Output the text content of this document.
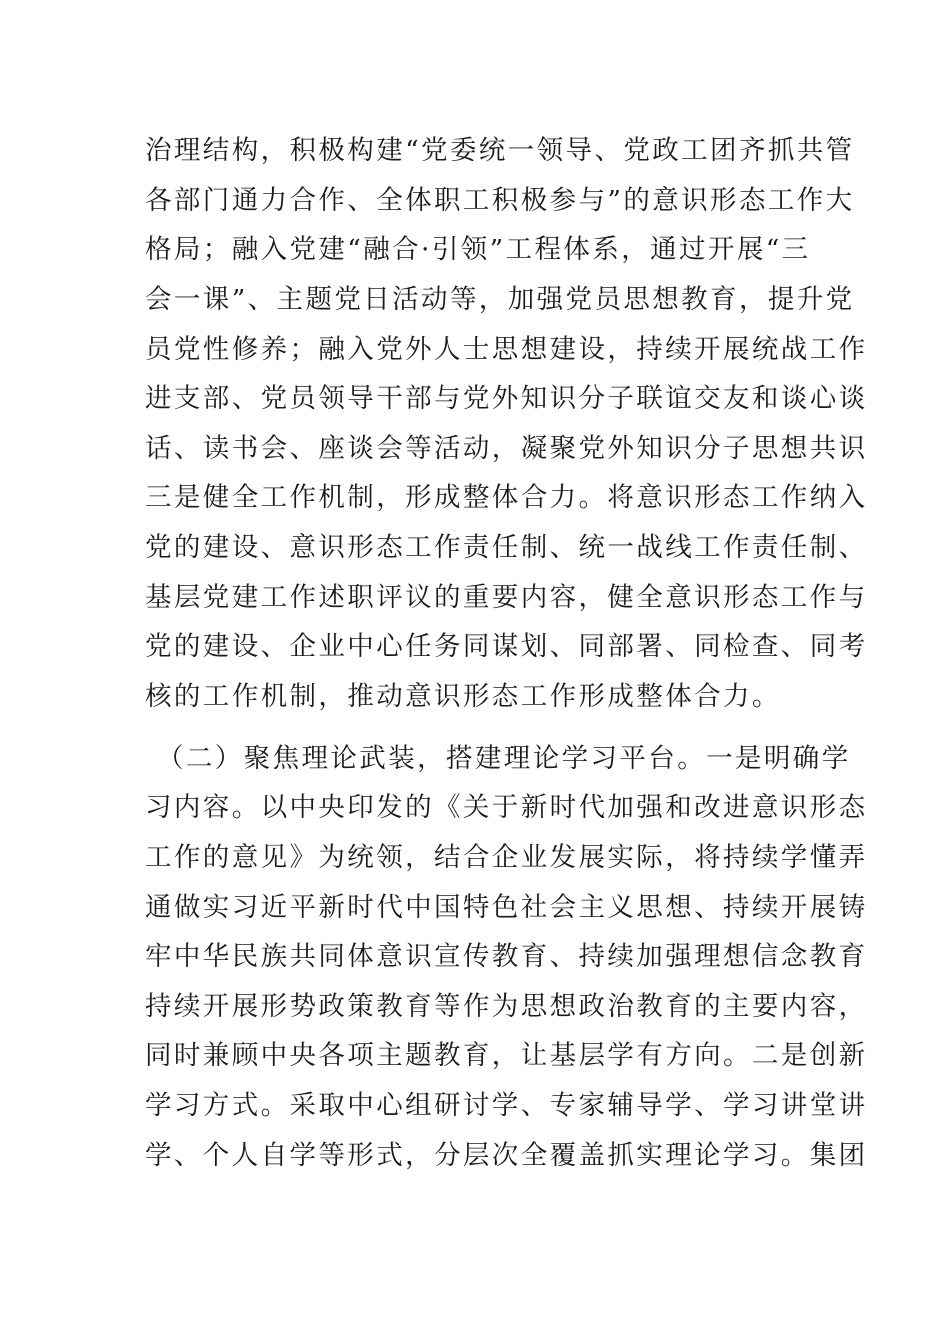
治理结构，积极构建“党委统一领导、党政工团齐抓共管
各部门通力合作、全体职工积极参与”的意识形态工作大
格局；融入党建“融合·引领”工程体系，通过开展“三
会一课”、主题党日活动等，加强党员思想教育，提升党
员党性修养；融入党外人士思想建设，持续开展统战工作
进支部、党员领导干部与党外知识分子联谊交友和谈心谈
话、读书会、座谈会等活动，凝聚党外知识分子思想共识
三是健全工作机制，形成整体合力。将意识形态工作纳入
党的建设、意识形态工作责任制、统一战线工作责任制、
基层党建工作述职评议的重要内容，健全意识形态工作与
党的建设、企业中心任务同谋划、同部署、同检查、同考
核的工作机制，推动意识形态工作形成整体合力。
（二）聚焦理论武装，搭建理论学习平台。一是明确学
习内容。以中央印发的《关于新时代加强和改进意识形态
工作的意见》为统领，结合企业发展实际，将持续学懂弄
通做实习近平新时代中国特色社会主义思想、持续开展铸
牢中华民族共同体意识宣传教育、持续加强理想信念教育
持续开展形势政策教育等作为思想政治教育的主要内容，
同时兼顾中央各项主题教育，让基层学有方向。二是创新
学习方式。采取中心组研讨学、专家辅导学、学习讲堂讲
学、个人自学等形式，分层次全覆盖抓实理论学习。集团
